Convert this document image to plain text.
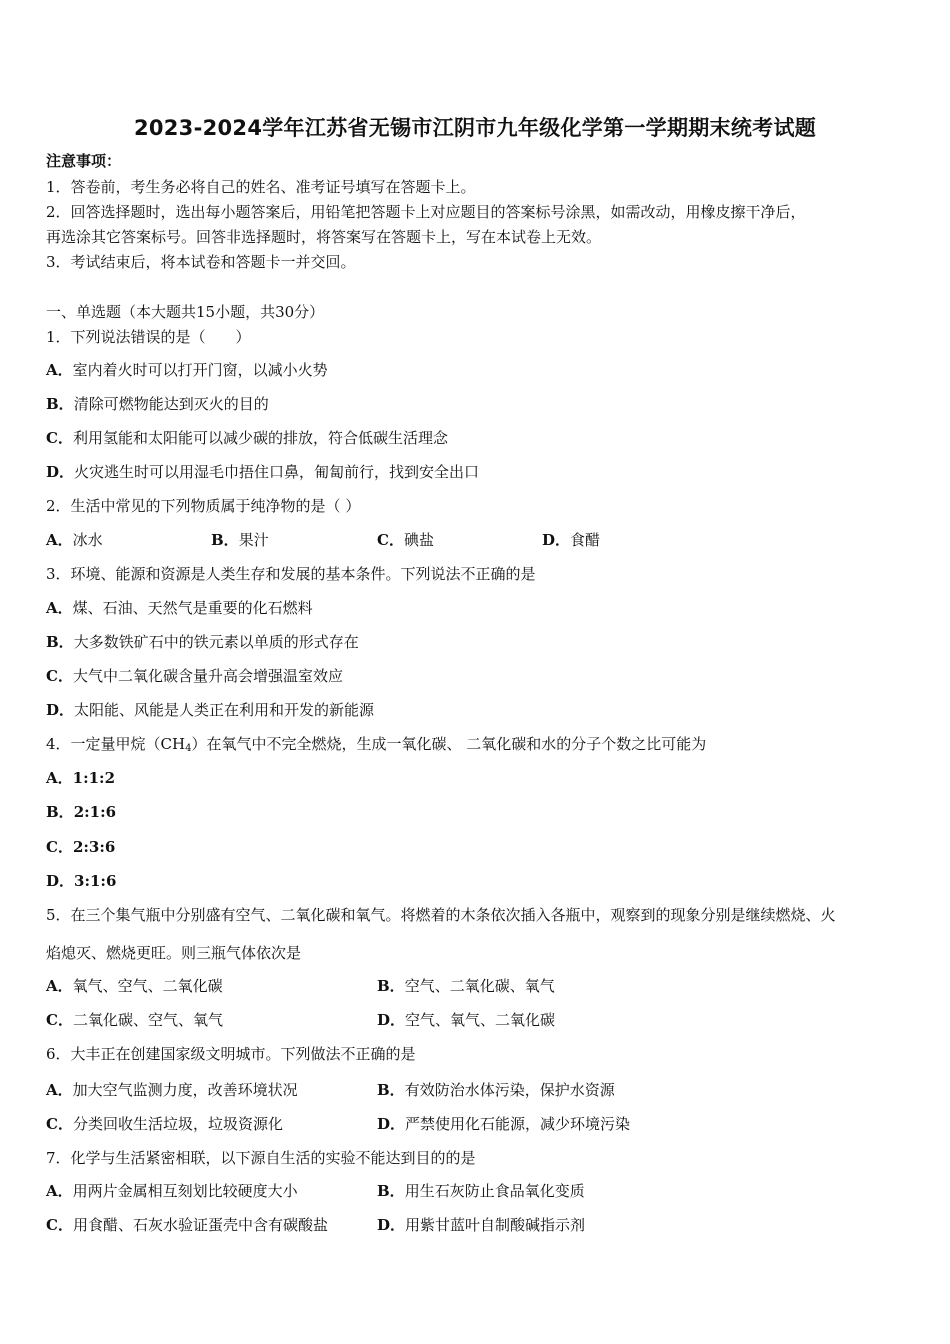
2023-2024学年江苏省无锡市江阴市九年级化学第一学期期末统考试题
注意事项：
1．答卷前，考生务必将自己的姓名、准考证号填写在答题卡上。
2．回答选择题时，选出每小题答案后，用铅笔把答题卡上对应题目的答案标号涂黑，如需改动，用橡皮擦干净后，
再选涂其它答案标号。回答非选择题时，将答案写在答题卡上，写在本试卷上无效。
3．考试结束后，将本试卷和答题卡一并交回。
一、单选题（本大题共15小题，共30分）
1．下列说法错误的是（　　）
A．室内着火时可以打开门窗，以减小火势
B．清除可燃物能达到灭火的目的
C．利用氢能和太阳能可以减少碳的排放，符合低碳生活理念
D．火灾逃生时可以用湿毛巾捂住口鼻，匍匐前行，找到安全出口
2．生活中常见的下列物质属于纯净物的是（ ）
A．冰水	B．果汁	C．碘盐	D．食醋
3．环境、能源和资源是人类生存和发展的基本条件。下列说法不正确的是
A．煤、石油、天然气是重要的化石燃料
B．大多数铁矿石中的铁元素以单质的形式存在
C．大气中二氧化碳含量升高会增强温室效应
D．太阳能、风能是人类正在利用和开发的新能源
4．一定量甲烷$(CH_4)$在氧气中不完全燃烧，生成一氧化碳、 二氧化碳和水的分子个数之比可能为
A．1:1:2
B．2:1:6
C．2:3:6
D．3:1:6
5．在三个集气瓶中分别盛有空气、二氧化碳和氧气。将燃着的木条依次插入各瓶中，观察到的现象分别是继续燃烧、火
焰熄灭、燃烧更旺。则三瓶气体依次是
A．氧气、空气、二氧化碳	B．空气、二氧化碳、氧气
C．二氧化碳、空气、氧气	D．空气、氧气、二氧化碳
6．大丰正在创建国家级文明城市。下列做法不正确的是
A．加大空气监测力度，改善环境状况	B．有效防治水体污染，保护水资源
C．分类回收生活垃圾，垃圾资源化	D．严禁使用化石能源，减少环境污染
7．化学与生活紧密相联，以下源自生活的实验不能达到目的的是
A．用两片金属相互刻划比较硬度大小	B．用生石灰防止食品氧化变质
C．用食醋、石灰水验证蛋壳中含有碳酸盐	D．用紫甘蓝叶自制酸碱指示剂
